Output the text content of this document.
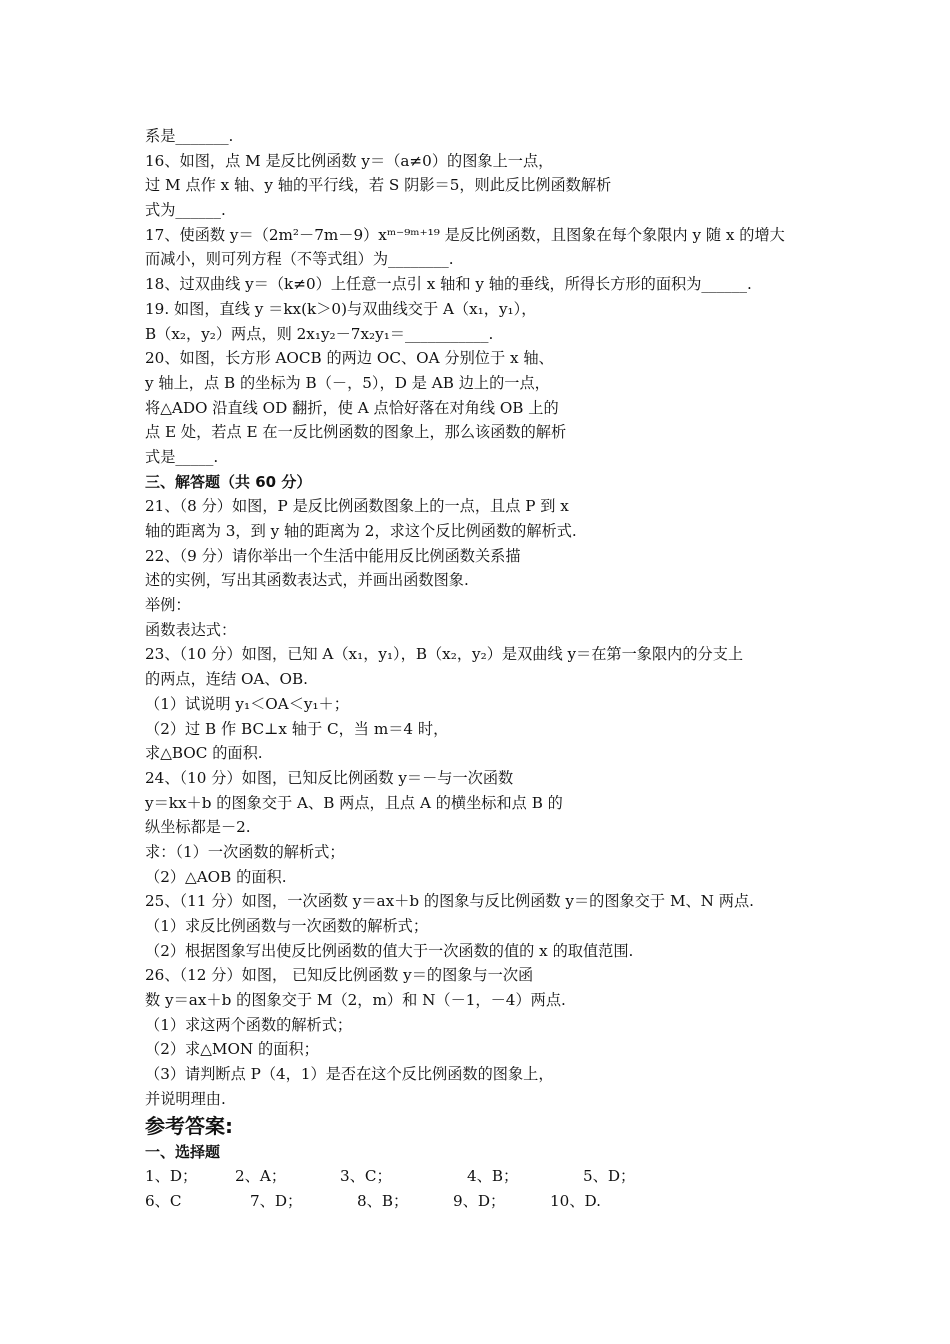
系是_______.
16、如图，点 M 是反比例函数 y＝（a≠0）的图象上一点，
过 M 点作 x 轴、y 轴的平行线，若 S 阴影＝5，则此反比例函数解析
式为______.
17、使函数 y＝（2m²－7m－9）xᵐ⁻⁹ᵐ⁺¹⁹ 是反比例函数，且图象在每个象限内 y 随 x 的增大
而减小，则可列方程（不等式组）为________.
18、过双曲线 y＝（k≠0）上任意一点引 x 轴和 y 轴的垂线，所得长方形的面积为______.
19. 如图，直线 y ＝kx(k＞0)与双曲线交于 A（x₁，y₁），
B（x₂，y₂）两点，则 2x₁y₂－7x₂y₁＝___________.
20、如图，长方形 AOCB 的两边 OC、OA 分别位于 x 轴、
y 轴上，点 B 的坐标为 B（－，5），D 是 AB 边上的一点，
将△ADO 沿直线 OD 翻折，使 A 点恰好落在对角线 OB 上的
点 E 处，若点 E 在一反比例函数的图象上，那么该函数的解析
式是_____.
三、解答题（共 60 分）
21、（8 分）如图，P 是反比例函数图象上的一点，且点 P 到 x
轴的距离为 3，到 y 轴的距离为 2，求这个反比例函数的解析式.
22、（9 分）请你举出一个生活中能用反比例函数关系描
述的实例，写出其函数表达式，并画出函数图象.
举例：
函数表达式：
23、（10 分）如图，已知 A（x₁，y₁），B（x₂，y₂）是双曲线 y＝在第一象限内的分支上
的两点，连结 OA、OB.
（1）试说明 y₁＜OA＜y₁＋；
（2）过 B 作 BC⊥x 轴于 C，当 m＝4 时，
求△BOC 的面积.
24、（10 分）如图，已知反比例函数 y＝－与一次函数
y＝kx＋b 的图象交于 A、B 两点，且点 A 的横坐标和点 B 的
纵坐标都是－2.
求：（1）一次函数的解析式；
（2）△AOB 的面积.
25、（11 分）如图，一次函数 y＝ax＋b 的图象与反比例函数 y＝的图象交于 M、N 两点.
（1）求反比例函数与一次函数的解析式；
（2）根据图象写出使反比例函数的值大于一次函数的值的 x 的取值范围.
26、（12 分）如图， 已知反比例函数 y＝的图象与一次函
数 y＝ax＋b 的图象交于 M（2，m）和 N（－1，－4）两点.
（1）求这两个函数的解析式；
（2）求△MON 的面积；
（3）请判断点 P（4，1）是否在这个反比例函数的图象上，
并说明理由.
参考答案:
一、选择题
1、D； 2、A；	3、C；	4、B；	5、D；
6、C	7、D；	8、B；	9、D；	10、D.
